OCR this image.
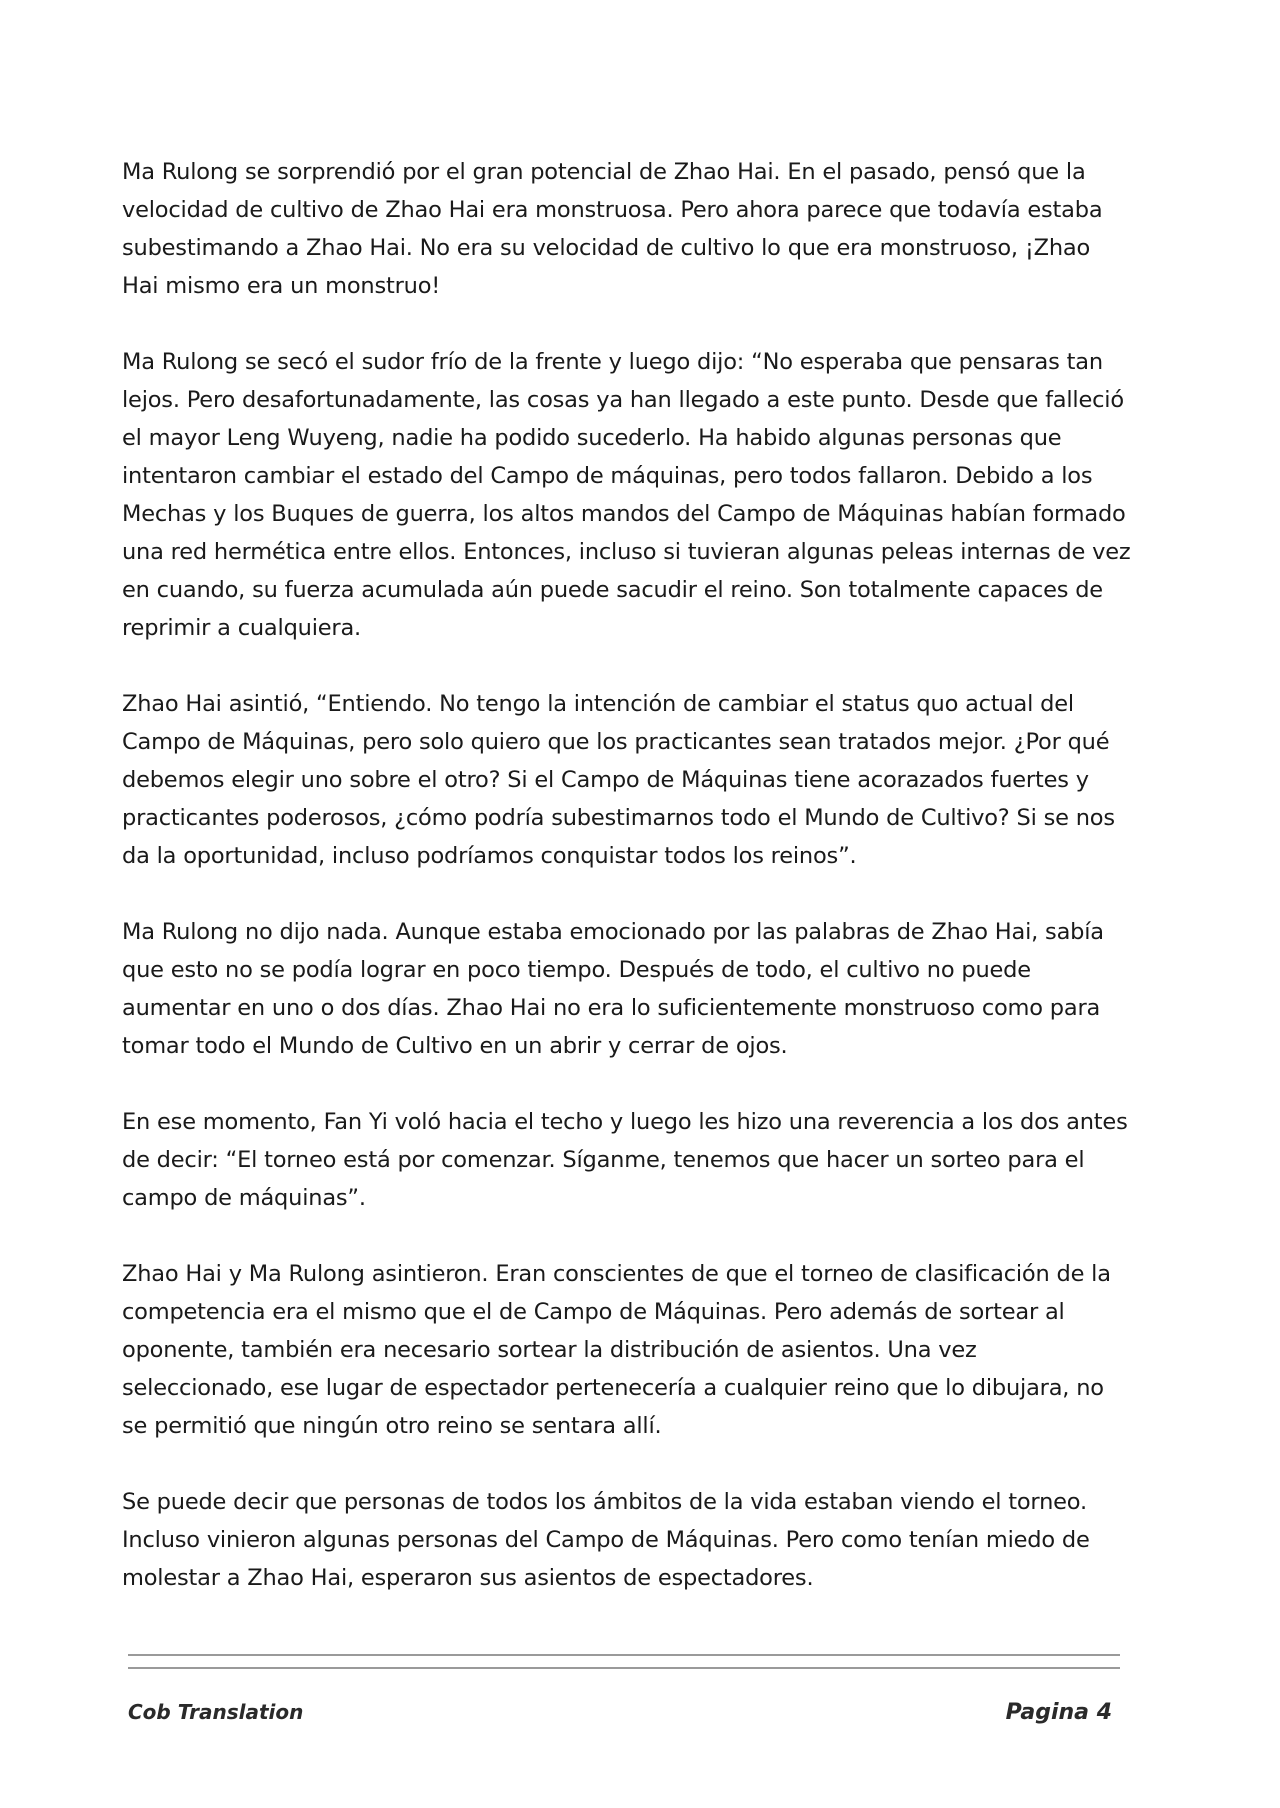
Ma Rulong se sorprendió por el gran potencial de Zhao Hai. En el pasado, pensó que la velocidad de cultivo de Zhao Hai era monstruosa. Pero ahora parece que todavía estaba subestimando a Zhao Hai. No era su velocidad de cultivo lo que era monstruoso, ¡Zhao Hai mismo era un monstruo!

Ma Rulong se secó el sudor frío de la frente y luego dijo: “No esperaba que pensaras tan lejos. Pero desafortunadamente, las cosas ya han llegado a este punto. Desde que falleció el mayor Leng Wuyeng, nadie ha podido sucederlo. Ha habido algunas personas que intentaron cambiar el estado del Campo de máquinas, pero todos fallaron. Debido a los Mechas y los Buques de guerra, los altos mandos del Campo de Máquinas habían formado una red hermética entre ellos. Entonces, incluso si tuvieran algunas peleas internas de vez en cuando, su fuerza acumulada aún puede sacudir el reino. Son totalmente capaces de reprimir a cualquiera.

Zhao Hai asintió, “Entiendo. No tengo la intención de cambiar el status quo actual del Campo de Máquinas, pero solo quiero que los practicantes sean tratados mejor. ¿Por qué debemos elegir uno sobre el otro? Si el Campo de Máquinas tiene acorazados fuertes y practicantes poderosos, ¿cómo podría subestimarnos todo el Mundo de Cultivo? Si se nos da la oportunidad, incluso podríamos conquistar todos los reinos”.

Ma Rulong no dijo nada. Aunque estaba emocionado por las palabras de Zhao Hai, sabía que esto no se podía lograr en poco tiempo. Después de todo, el cultivo no puede aumentar en uno o dos días. Zhao Hai no era lo suficientemente monstruoso como para tomar todo el Mundo de Cultivo en un abrir y cerrar de ojos.

En ese momento, Fan Yi voló hacia el techo y luego les hizo una reverencia a los dos antes de decir: “El torneo está por comenzar. Síganme, tenemos que hacer un sorteo para el campo de máquinas”.

Zhao Hai y Ma Rulong asintieron. Eran conscientes de que el torneo de clasificación de la competencia era el mismo que el de Campo de Máquinas. Pero además de sortear al oponente, también era necesario sortear la distribución de asientos. Una vez seleccionado, ese lugar de espectador pertenecería a cualquier reino que lo dibujara, no se permitió que ningún otro reino se sentara allí.

Se puede decir que personas de todos los ámbitos de la vida estaban viendo el torneo. Incluso vinieron algunas personas del Campo de Máquinas. Pero como tenían miedo de molestar a Zhao Hai, esperaron sus asientos de espectadores.

Cob Translation	Pagina 4
